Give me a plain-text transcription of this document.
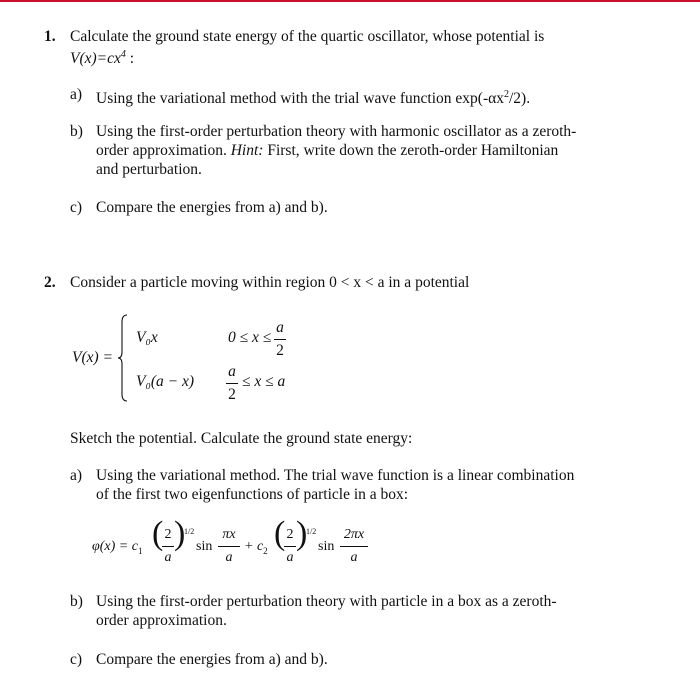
1. Calculate the ground state energy of the quartic oscillator, whose potential is
$V(x)=cx^4$ :
a) Using the variational method with the trial wave function $\exp(-\alpha x^2/2)$.
b) Using the first-order perturbation theory with harmonic oscillator as a zeroth-
order approximation. Hint: First, write down the zeroth-order Hamiltonian
and perturbation.
c) Compare the energies from a) and b).
2. Consider a particle moving within region 0 < x < a in a potential
V(x) =
V₀x	0 ≤ x ≤
a
2
V₀(a − x)
a
2
≤ x ≤ a
Sketch the potential. Calculate the ground state energy:
a) Using the variational method. The trial wave function is a linear combination
of the first two eigenfunctions of particle in a box:
$\varphi(x) = c_1$ ( 2
a
)
1/2
sin
πx
a
+ $c_2$ ( 2
a
)
1/2
sin
2πx
a
b) Using the first-order perturbation theory with particle in a box as a zeroth-
order approximation.
c) Compare the energies from a) and b).
